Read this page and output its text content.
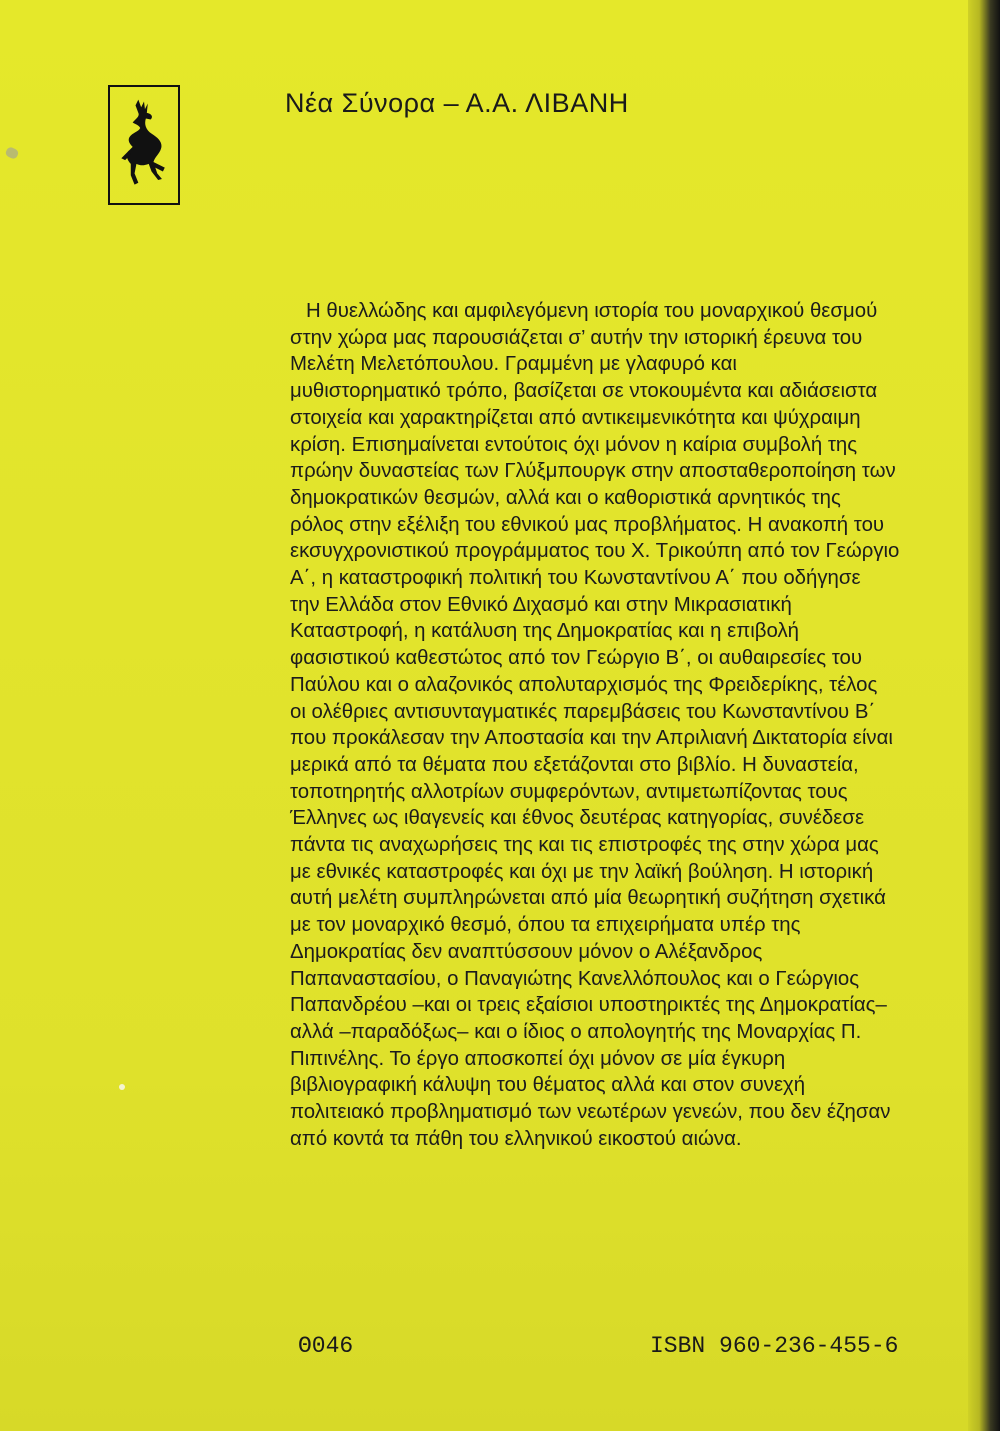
Νέα Σύνορα – Α.Α. ΛΙΒΑΝΗ
Η θυελλώδης και αμφιλεγόμενη ιστορία του μοναρχικού θεσμού
στην χώρα μας παρουσιάζεται σ’ αυτήν την ιστορική έρευνα του
Μελέτη Μελετόπουλου. Γραμμένη με γλαφυρό και
μυθιστορηματικό τρόπο, βασίζεται σε ντοκουμέντα και αδιάσειστα
στοιχεία και χαρακτηρίζεται από αντικειμενικότητα και ψύχραιμη
κρίση. Επισημαίνεται εντούτοις όχι μόνον η καίρια συμβολή της
πρώην δυναστείας των Γλύξμπουργκ στην αποσταθεροποίηση των
δημοκρατικών θεσμών, αλλά και ο καθοριστικά αρνητικός της
ρόλος στην εξέλιξη του εθνικού μας προβλήματος. Η ανακοπή του
εκσυγχρονιστικού προγράμματος του Χ. Τρικούπη από τον Γεώργιο
Α΄, η καταστροφική πολιτική του Κωνσταντίνου Α΄ που οδήγησε
την Ελλάδα στον Εθνικό Διχασμό και στην Μικρασιατική
Καταστροφή, η κατάλυση της Δημοκρατίας και η επιβολή
φασιστικού καθεστώτος από τον Γεώργιο Β΄, οι αυθαιρεσίες του
Παύλου και ο αλαζονικός απολυταρχισμός της Φρειδερίκης, τέλος
οι ολέθριες αντισυνταγματικές παρεμβάσεις του Κωνσταντίνου Β΄
που προκάλεσαν την Αποστασία και την Απριλιανή Δικτατορία είναι
μερικά από τα θέματα που εξετάζονται στο βιβλίο. Η δυναστεία,
τοποτηρητής αλλοτρίων συμφερόντων, αντιμετωπίζοντας τους
Έλληνες ως ιθαγενείς και έθνος δευτέρας κατηγορίας, συνέδεσε
πάντα τις αναχωρήσεις της και τις επιστροφές της στην χώρα μας
με εθνικές καταστροφές και όχι με την λαϊκή βούληση. Η ιστορική
αυτή μελέτη συμπληρώνεται από μία θεωρητική συζήτηση σχετικά
με τον μοναρχικό θεσμό, όπου τα επιχειρήματα υπέρ της
Δημοκρατίας δεν αναπτύσσουν μόνον ο Αλέξανδρος
Παπαναστασίου, ο Παναγιώτης Κανελλόπουλος και ο Γεώργιος
Παπανδρέου –και οι τρεις εξαίσιοι υποστηρικτές της Δημοκρατίας–
αλλά –παραδόξως– και ο ίδιος ο απολογητής της Μοναρχίας Π.
Πιπινέλης. Το έργο αποσκοπεί όχι μόνον σε μία έγκυρη
βιβλιογραφική κάλυψη του θέματος αλλά και στον συνεχή
πολιτειακό προβληματισμό των νεωτέρων γενεών, που δεν έζησαν
από κοντά τα πάθη του ελληνικού εικοστού αιώνα.
Θ046	ISBN 960-236-455-6
